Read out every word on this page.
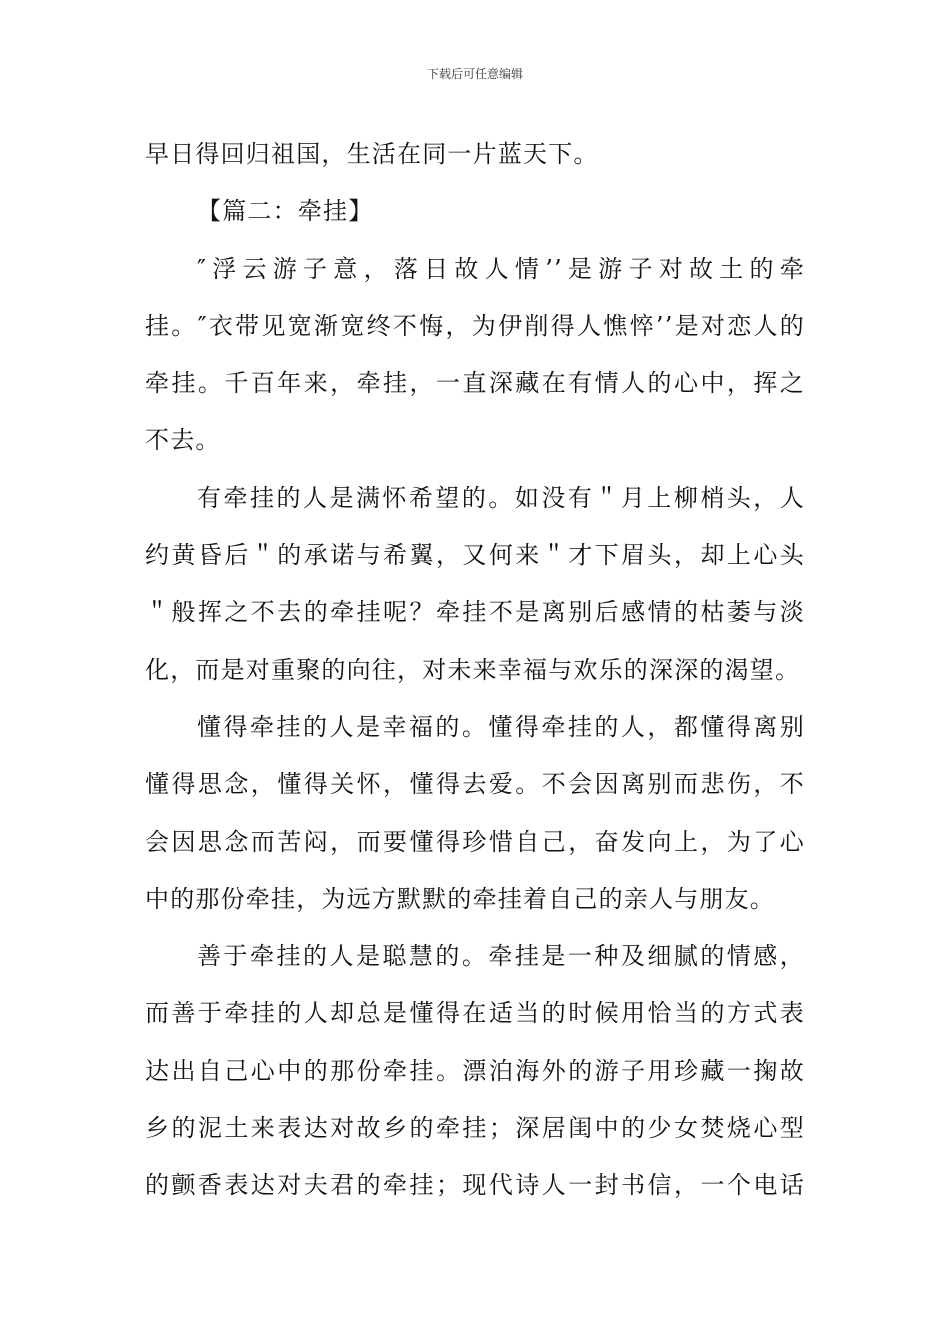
下载后可任意编辑
早日得回归祖国，生活在同一片蓝天下。
【篇二：牵挂】
″浮云游子意，落日故人情’’是游子对故土的牵
挂。″衣带见宽渐宽终不悔，为伊削得人憔悴’’是对恋人的
牵挂。千百年来，牵挂，一直深藏在有情人的心中，挥之
不去。
有牵挂的人是满怀希望的。如没有＂月上柳梢头，人
约黄昏后＂的承诺与希翼，又何来＂才下眉头，却上心头
＂般挥之不去的牵挂呢？牵挂不是离别后感情的枯萎与淡
化，而是对重聚的向往，对未来幸福与欢乐的深深的渴望。
懂得牵挂的人是幸福的。懂得牵挂的人，都懂得离别
懂得思念，懂得关怀，懂得去爱。不会因离别而悲伤，不
会因思念而苦闷，而要懂得珍惜自己，奋发向上，为了心
中的那份牵挂，为远方默默的牵挂着自己的亲人与朋友。
善于牵挂的人是聪慧的。牵挂是一种及细腻的情感，
而善于牵挂的人却总是懂得在适当的时候用恰当的方式表
达出自己心中的那份牵挂。漂泊海外的游子用珍藏一掬故
乡的泥土来表达对故乡的牵挂；深居闺中的少女焚烧心型
的颤香表达对夫君的牵挂；现代诗人一封书信，一个电话
